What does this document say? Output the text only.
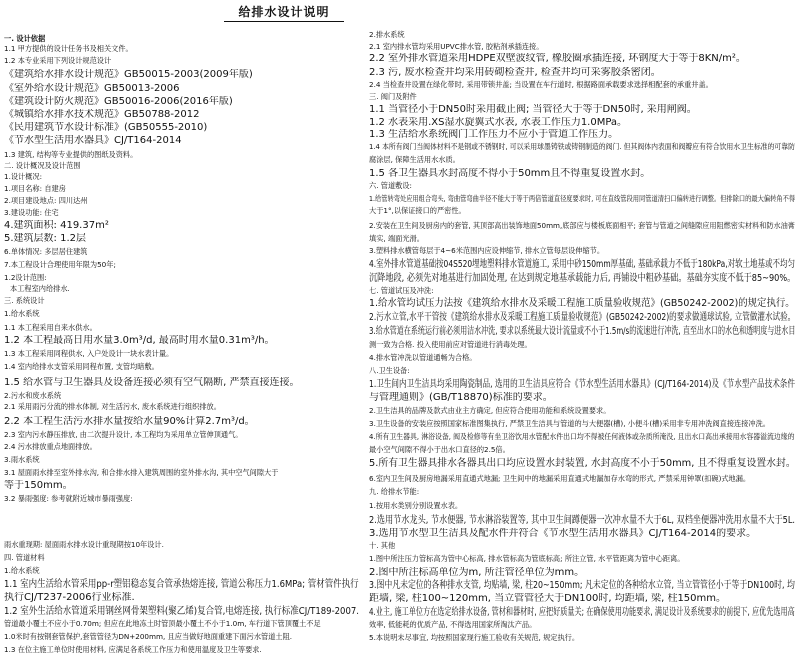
给排水设计说明
一. 设计依据
1.1 甲方提供的设计任务书及相关文件。
1.2 本专业采用下列设计规范设计
《建筑给水排水设计规范》GB50015-2003(2009年版)
《室外给水设计规范》GB50013-2006
《建筑设计防火规范》GB50016-2006(2016年版)
《城镇给水排水技术规范》GB50788-2012
《民用建筑节水设计标准》(GB50555-2010)
《节水型生活用水器具》CJ/T164-2014
1.3 建筑, 结构等专业提供的图纸及资料。
二. 设计概况及设计范围
1.设计概况:
1.项目名称: 自建房
2.项目建设地点: 四川达州
3.建设功能: 住宅
4.建筑面积: 419.37m²
5.建筑层数: 1.2层
6.单体情况: 多层居住建筑
7.本工程设计合理使用年限为50年;
1.2设计范围:
本工程室内给排水.
三. 系统设计
1.给水系统
1.1 本工程采用自来水供水。
1.2 本工程最高日用水量3.0m³/d, 最高时用水量0.31m³/h。
1.3 本工程采用同程供水, 入户处设计一块水表计量。
1.4 室内给排水支管采用同程布置, 支管均暗敷。
1.5 给水管与卫生器具及设备连接必须有空气隔断, 严禁直接连接。
2.污水和废水系统
2.1 采用雨污分流的排水体制, 对生活污水, 废水系统进行组织排放。
2.2 本工程生活污水排水量按给水量90%计算2.7m³/d。
2.3 室内污水静压排放, 由二次提升设计, 本工程均为采用单立管伸顶通气。
2.4 污水排放重点地面排放。
3.雨水系统
3.1 屋面雨水排至室外排水沟, 和合排水排入建筑周围的室外排水沟, 其中空气间隙大于
等于150mm。
3.2 暴雨强度: 参考就附近城市暴雨强度:
雨水重现期: 屋面雨水排水设计重现期按10年设计.
四. 管道材料
1.给水系统
1.1 室内生活给水管采用pp-r塑铝稳态复合管承热熔连接, 管道公称压力1.6MPa; 管材管件执行
执行CJ/T237-2006行业标准.
1.2 室外生活给水管道采用钢丝网骨架塑料(聚乙烯)复合管,电熔连接, 执行标准CJ/T189-2007.
管道最小覆土不应小于0.70m; 但应在此地冻土时管顶最小覆土不小于1.0m, 车行道下管顶覆土不足
1.0米时有按钢套管保护,套管管径为DN+200mm, 且应当做好地面重建下面污水管道土阻.
1.3 在位主施工单位时使用材料, 应满足各系统工作压力和使用温度及卫生等要求.
2.排水系统
2.1 室内排水管均采用UPVC排水管, 胶粘剂承插连接。
2.2 室外排水管道采用HDPE双壁波纹管, 橡胶圈承插连接, 环钢度大于等于8KN/m²。
2.3 污, 废水检查井均采用砖砌检查井, 检查井均可采雾胶条密闭。
2.4 当检查井设置在绿化带时, 采用带锁井盖; 当设置在车行道时, 根据路面承载要求选择相配套的承重井盖。
三. 阀门及附件
1.1 当管径小于DN50时采用截止阀; 当管径大于等于DN50时, 采用闸阀。
1.2 水表采用.XS湿水旋翼式水表, 水表工作压力1.0MPa。
1.3 生活给水系统阀门工作压力不应小于管道工作压力。
1.4 本所有阀门当阀体材料不是钢或不锈钢时, 可以采用球墨铸铁或铸钢制造的阀门. 但其阀体内表面和阀瓣应有符合饮用水卫生标准的可靠防
腐涂层, 保障生活用水水质。
1.5 各卫生器具水封高度不得小于50mm且不得重复设置水封。
六. 管道敷设:
1.给管转弯处应用组合弯头, 弯曲管弯曲半径不能大于等于两倍管道直径度要求时, 可在直线管段用同管道清扫口偏转进行调整。但排除口的最大偏转角不得
大于1°,以保证接口的严密性。
2.安装在卫生间及厨房内的套管, 其顶部高出装饰地面50mm,底部应与楼板底面相平; 套管与管道之间缝隙应用阻燃密实材料和防水油膏
填实, 端面光滑。
3.塑料排水横管每层于4~6米范围内应设伸缩节, 排水立管每层设伸缩节。
4.室外排水管道基础按04S520埋地塑料排水管道施工, 采用中砂150mm厚基础, 基础承载力不低于180kPa,对软土地基或不均匀
沉降地段, 必须先对地基进行加固处理, 在达到规定地基承载能力后, 再铺设中粗砂基础。基础夯实度不低于85~90%。
七. 管道试压及冲洗:
1.给水管均试压力法按《建筑给水排水及采暖工程施工质量验收规范》(GB50242-2002)的规定执行。
2.污水立管,水平干管按《建筑给水排水及采暖工程施工质量验收规范》(GB50242-2002)的要求做通球试验, 立管做灌水试验。
3.给水管道在系统运行前必须用洁水冲洗, 要求以系统最大设计流量或不小于1.5m/s的流速进行冲洗, 直至出水口的水色和透明度与进水目
测一致为合格. 投入使用前应对管道进行消毒处理。
4.排水管冲洗以管道通畅为合格。
八.卫生设备:
1.卫生间内卫生洁具均采用陶瓷制品, 选用的卫生洁具应符合《节水型生活用水器具》(CJ/T164-2014)及《节水型产品技术条件
与管理通则》(GB/T18870)标准的要求。
2.卫生洁具的品牌及款式由业主方确定, 但应符合使用功能和系统设置要求。
3.卫生设备的安装应按照国家标准图集执行, 严禁卫生洁具与管道的与大便器(槽), 小便斗(槽)采用非专用冲洗阀直接连接冲洗。
4.所有卫生器具, 淋浴设备, 阀及检修等有坐卫浴饮用水管配水件出口均不得被任何液体或杂质所淹没, 且出水口高出承接用水容器溢流边缘的
最小空气间隙不得小于出水口直径的2.5倍。
5.所有卫生器具排水各器具出口均应设置水封装置, 水封高度不小于50mm, 且不得重复设置水封。
6.室内卫生间及厨房地漏采用直通式地漏; 卫生间中的地漏采用直通式地漏加存水弯的形式, 严禁采用钟罩(扣碗)式地漏。
九. 给排水节能:
1.按用水类别分别设置水表。
2.选用节水龙头, 节水便器, 节水淋浴装置等, 其中卫生间蹲便器一次冲水量不大于6L, 双档坐便器冲洗用水量不大于5L.
3.选用节水型卫生洁具及配水件并符合《节水型生活用水器具》CJ/T164-2014的要求。
十. 其他
1.图中所注压力管标高为管中心标高, 排水管标高为管底标高; 所注立管, 水平管距离为管中心距离。
2.图中所注标高单位为m, 所注管径单位为mm。
3.图中凡未定位的各种排水支管, 均贴墙, 梁, 柱20~150mm; 凡未定位的各种给水立管, 当立管管径小于等于DN100时, 均
距墙, 梁, 柱100~120mm, 当立管管径大于DN100时, 均距墙, 梁, 柱150mm。
4.业主, 施工单位方在选定给排水设备, 管材和器材时, 应把好质量关; 在确保使用功能要求, 满足设计及系统要求的前提下, 应优先选用高
效率, 低能耗的优质产品, 不得选用国家所淘汰产品。
5.本说明未尽事宜, 均按照国家现行施工验收有关规范, 规定执行。
